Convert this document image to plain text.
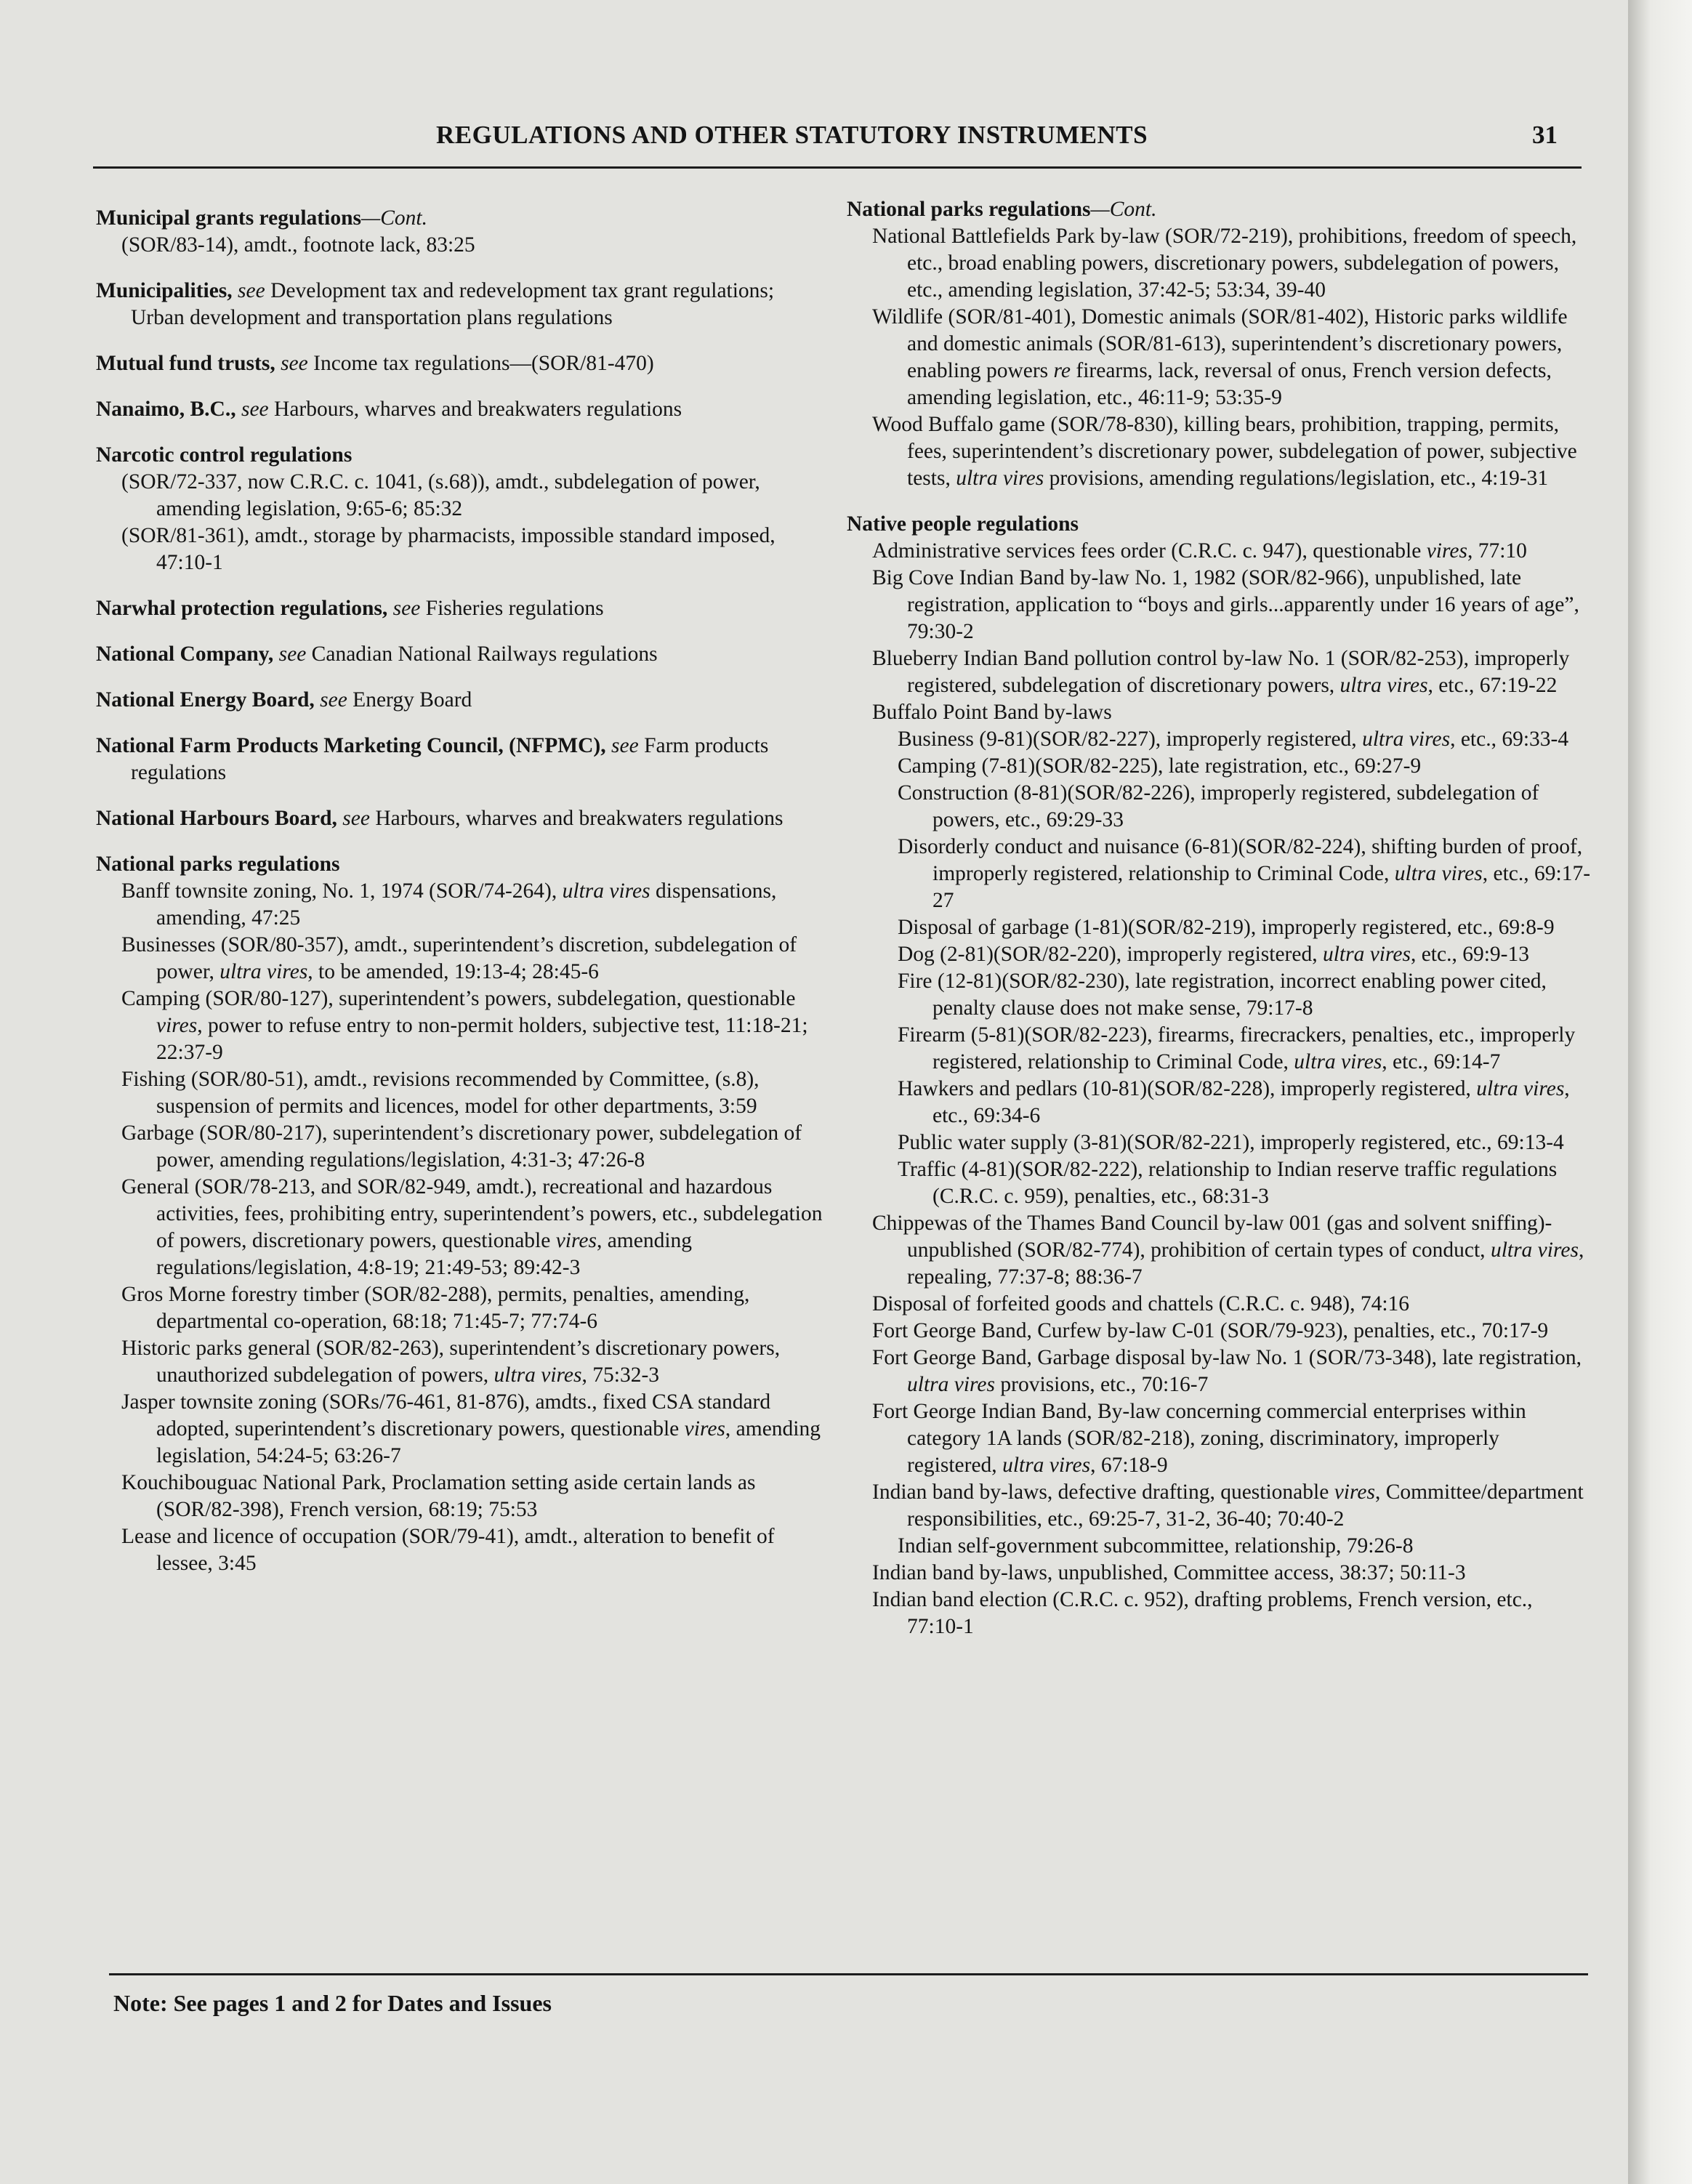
REGULATIONS AND OTHER STATUTORY INSTRUMENTS	31
Municipal grants regulations—Cont.
(SOR/83-14), amdt., footnote lack, 83:25
Municipalities, see Development tax and redevelopment tax grant regulations; Urban development and transportation plans regulations
Mutual fund trusts, see Income tax regulations—(SOR/81-470)
Nanaimo, B.C., see Harbours, wharves and breakwaters regulations
Narcotic control regulations
(SOR/72-337, now C.R.C. c. 1041, (s.68)), amdt., subdelegation of power, amending legislation, 9:65-6; 85:32
(SOR/81-361), amdt., storage by pharmacists, impossible standard imposed, 47:10-1
Narwhal protection regulations, see Fisheries regulations
National Company, see Canadian National Railways regulations
National Energy Board, see Energy Board
National Farm Products Marketing Council, (NFPMC), see Farm products regulations
National Harbours Board, see Harbours, wharves and breakwaters regulations
National parks regulations
Banff townsite zoning, No. 1, 1974 (SOR/74-264), ultra vires dispensations, amending, 47:25
Businesses (SOR/80-357), amdt., superintendent’s discretion, subdelegation of power, ultra vires, to be amended, 19:13-4; 28:45-6
Camping (SOR/80-127), superintendent’s powers, subdelegation, questionable vires, power to refuse entry to non-permit holders, subjective test, 11:18-21; 22:37-9
Fishing (SOR/80-51), amdt., revisions recommended by Committee, (s.8), suspension of permits and licences, model for other departments, 3:59
Garbage (SOR/80-217), superintendent’s discretionary power, subdelegation of power, amending regulations/legislation, 4:31-3; 47:26-8
General (SOR/78-213, and SOR/82-949, amdt.), recreational and hazardous activities, fees, prohibiting entry, superintendent’s powers, etc., subdelegation of powers, discretionary powers, questionable vires, amending regulations/legislation, 4:8-19; 21:49-53; 89:42-3
Gros Morne forestry timber (SOR/82-288), permits, penalties, amending, departmental co-operation, 68:18; 71:45-7; 77:74-6
Historic parks general (SOR/82-263), superintendent’s discretionary powers, unauthorized subdelegation of powers, ultra vires, 75:32-3
Jasper townsite zoning (SORs/76-461, 81-876), amdts., fixed CSA standard adopted, superintendent’s discretionary powers, questionable vires, amending legislation, 54:24-5; 63:26-7
Kouchibouguac National Park, Proclamation setting aside certain lands as (SOR/82-398), French version, 68:19; 75:53
Lease and licence of occupation (SOR/79-41), amdt., alteration to benefit of lessee, 3:45
National parks regulations—Cont.
National Battlefields Park by-law (SOR/72-219), prohibitions, freedom of speech, etc., broad enabling powers, discretionary powers, subdelegation of powers, etc., amending legislation, 37:42-5; 53:34, 39-40
Wildlife (SOR/81-401), Domestic animals (SOR/81-402), Historic parks wildlife and domestic animals (SOR/81-613), superintendent’s discretionary powers, enabling powers re firearms, lack, reversal of onus, French version defects, amending legislation, etc., 46:11-9; 53:35-9
Wood Buffalo game (SOR/78-830), killing bears, prohibition, trapping, permits, fees, superintendent’s discretionary power, subdelegation of power, subjective tests, ultra vires provisions, amending regulations/legislation, etc., 4:19-31
Native people regulations
Administrative services fees order (C.R.C. c. 947), questionable vires, 77:10
Big Cove Indian Band by-law No. 1, 1982 (SOR/82-966), unpublished, late registration, application to “boys and girls...apparently under 16 years of age”, 79:30-2
Blueberry Indian Band pollution control by-law No. 1 (SOR/82-253), improperly registered, subdelegation of discretionary powers, ultra vires, etc., 67:19-22
Buffalo Point Band by-laws
Business (9-81)(SOR/82-227), improperly registered, ultra vires, etc., 69:33-4
Camping (7-81)(SOR/82-225), late registration, etc., 69:27-9
Construction (8-81)(SOR/82-226), improperly registered, subdelegation of powers, etc., 69:29-33
Disorderly conduct and nuisance (6-81)(SOR/82-224), shifting burden of proof, improperly registered, relationship to Criminal Code, ultra vires, etc., 69:17-27
Disposal of garbage (1-81)(SOR/82-219), improperly registered, etc., 69:8-9
Dog (2-81)(SOR/82-220), improperly registered, ultra vires, etc., 69:9-13
Fire (12-81)(SOR/82-230), late registration, incorrect enabling power cited, penalty clause does not make sense, 79:17-8
Firearm (5-81)(SOR/82-223), firearms, firecrackers, penalties, etc., improperly registered, relationship to Criminal Code, ultra vires, etc., 69:14-7
Hawkers and pedlars (10-81)(SOR/82-228), improperly registered, ultra vires, etc., 69:34-6
Public water supply (3-81)(SOR/82-221), improperly registered, etc., 69:13-4
Traffic (4-81)(SOR/82-222), relationship to Indian reserve traffic regulations (C.R.C. c. 959), penalties, etc., 68:31-3
Chippewas of the Thames Band Council by-law 001 (gas and solvent sniffing)-unpublished (SOR/82-774), prohibition of certain types of conduct, ultra vires, repealing, 77:37-8; 88:36-7
Disposal of forfeited goods and chattels (C.R.C. c. 948), 74:16
Fort George Band, Curfew by-law C-01 (SOR/79-923), penalties, etc., 70:17-9
Fort George Band, Garbage disposal by-law No. 1 (SOR/73-348), late registration, ultra vires provisions, etc., 70:16-7
Fort George Indian Band, By-law concerning commercial enterprises within category 1A lands (SOR/82-218), zoning, discriminatory, improperly registered, ultra vires, 67:18-9
Indian band by-laws, defective drafting, questionable vires, Committee/department responsibilities, etc., 69:25-7, 31-2, 36-40; 70:40-2
Indian self-government subcommittee, relationship, 79:26-8
Indian band by-laws, unpublished, Committee access, 38:37; 50:11-3
Indian band election (C.R.C. c. 952), drafting problems, French version, etc., 77:10-1
Note: See pages 1 and 2 for Dates and Issues
